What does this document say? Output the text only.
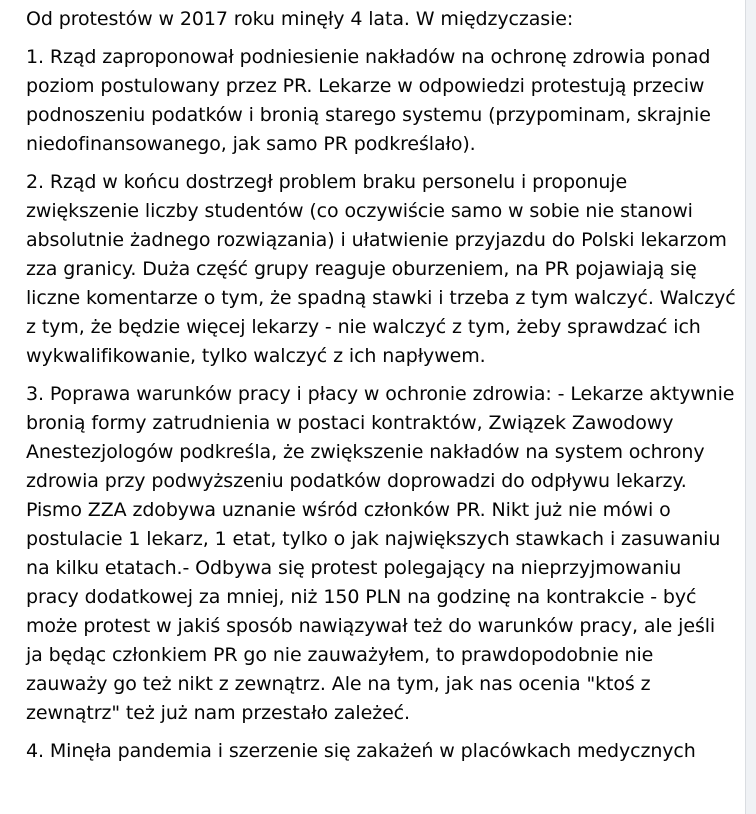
Od protestów w 2017 roku minęły 4 lata. W międzyczasie:

1. Rząd zaproponował podniesienie nakładów na ochronę zdrowia ponad poziom postulowany przez PR. Lekarze w odpowiedzi protestują przeciw podnoszeniu podatków i bronią starego systemu (przypominam, skrajnie niedofinansowanego, jak samo PR podkreślało).

2. Rząd w końcu dostrzegł problem braku personelu i proponuje zwiększenie liczby studentów (co oczywiście samo w sobie nie stanowi absolutnie żadnego rozwiązania) i ułatwienie przyjazdu do Polski lekarzom zza granicy. Duża część grupy reaguje oburzeniem, na PR pojawiają się liczne komentarze o tym, że spadną stawki i trzeba z tym walczyć. Walczyć z tym, że będzie więcej lekarzy - nie walczyć z tym, żeby sprawdzać ich wykwalifikowanie, tylko walczyć z ich napływem.

3. Poprawa warunków pracy i płacy w ochronie zdrowia: - Lekarze aktywnie bronią formy zatrudnienia w postaci kontraktów, Związek Zawodowy Anestezjologów podkreśla, że zwiększenie nakładów na system ochrony zdrowia przy podwyższeniu podatków doprowadzi do odpływu lekarzy. Pismo ZZA zdobywa uznanie wśród członków PR. Nikt już nie mówi o postulacie 1 lekarz, 1 etat, tylko o jak największych stawkach i zasuwaniu na kilku etatach.- Odbywa się protest polegający na nieprzyjmowaniu pracy dodatkowej za mniej, niż 150 PLN na godzinę na kontrakcie - być może protest w jakiś sposób nawiązywał też do warunków pracy, ale jeśli ja będąc członkiem PR go nie zauważyłem, to prawdopodobnie nie zauważy go też nikt z zewnątrz. Ale na tym, jak nas ocenia "ktoś z zewnątrz" też już nam przestało zależeć.

4. Minęła pandemia i szerzenie się zakażeń w placówkach medycznych
